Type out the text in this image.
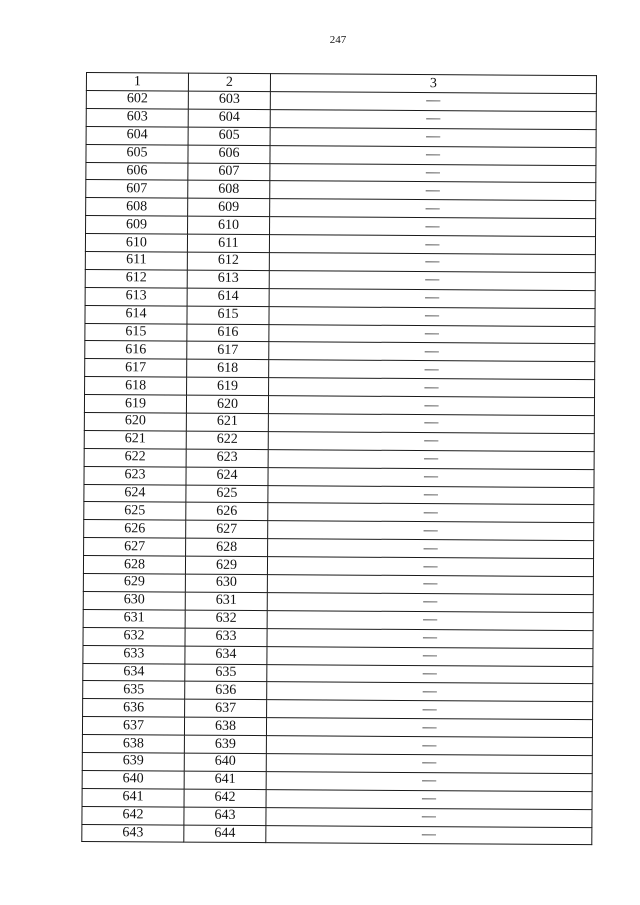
247
1	2	3
602	603	—
603	604	—
604	605	—
605	606	—
606	607	—
607	608	—
608	609	—
609	610	—
610	611	—
611	612	—
612	613	—
613	614	—
614	615	—
615	616	—
616	617	—
617	618	—
618	619	—
619	620	—
620	621	—
621	622	—
622	623	—
623	624	—
624	625	—
625	626	—
626	627	—
627	628	—
628	629	—
629	630	—
630	631	—
631	632	—
632	633	—
633	634	—
634	635	—
635	636	—
636	637	—
637	638	—
638	639	—
639	640	—
640	641	—
641	642	—
642	643	—
643	644	—
